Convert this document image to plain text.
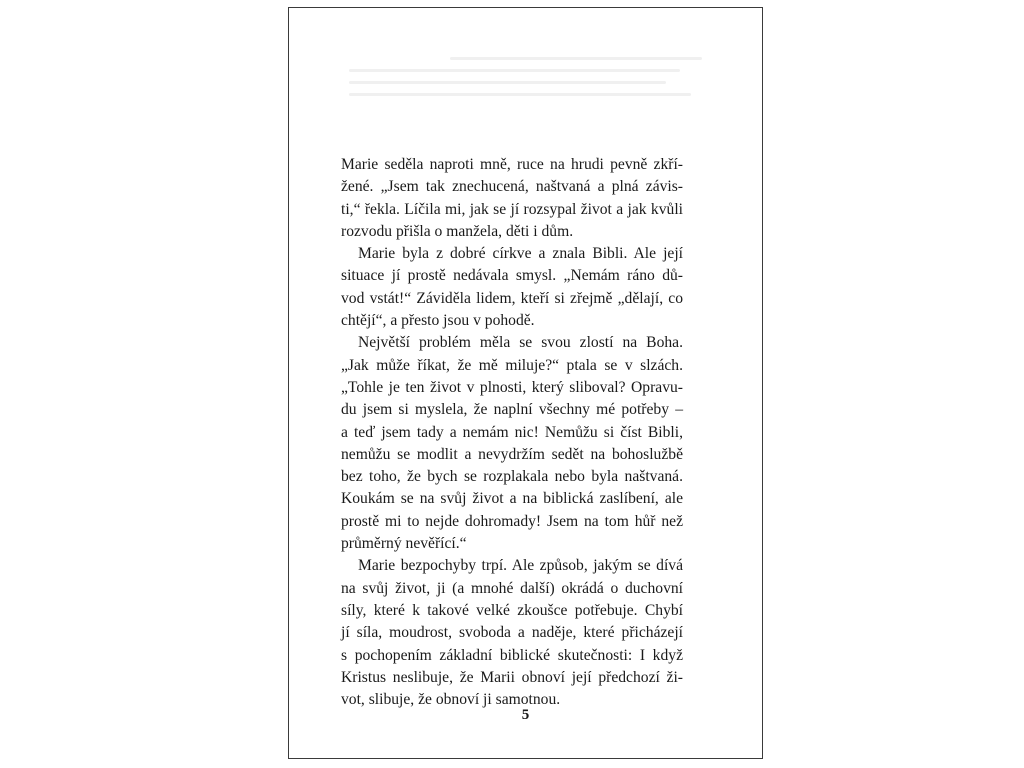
Marie seděla naproti mně, ruce na hrudi pevně zkří-
žené. „Jsem tak znechucená, naštvaná a plná závis-
ti,“ řekla. Líčila mi, jak se jí rozsypal život a jak kvůli
rozvodu přišla o manžela, děti i dům.

Marie byla z dobré církve a znala Bibli. Ale její
situace jí prostě nedávala smysl. „Nemám ráno dů-
vod vstát!“ Záviděla lidem, kteří si zřejmě „dělají, co
chtějí“, a přesto jsou v pohodě.

Největší problém měla se svou zlostí na Boha.
„Jak může říkat, že mě miluje?“ ptala se v slzách.
„Tohle je ten život v plnosti, který sliboval? Opravu-
du jsem si myslela, že naplní všechny mé potřeby –
a teď jsem tady a nemám nic! Nemůžu si číst Bibli,
nemůžu se modlit a nevydržím sedět na bohoslužbě
bez toho, že bych se rozplakala nebo byla naštvaná.
Koukám se na svůj život a na biblická zaslíbení, ale
prostě mi to nejde dohromady! Jsem na tom hůř než
průměrný nevěřící.“

Marie bezpochyby trpí. Ale způsob, jakým se dívá
na svůj život, ji (a mnohé další) okrádá o duchovní
síly, které k takové velké zkoušce potřebuje. Chybí
jí síla, moudrost, svoboda a naděje, které přicházejí
s pochopením základní biblické skutečnosti: I když
Kristus neslibuje, že Marii obnoví její předchozí ži-
vot, slibuje, že obnoví ji samotnou.

5
